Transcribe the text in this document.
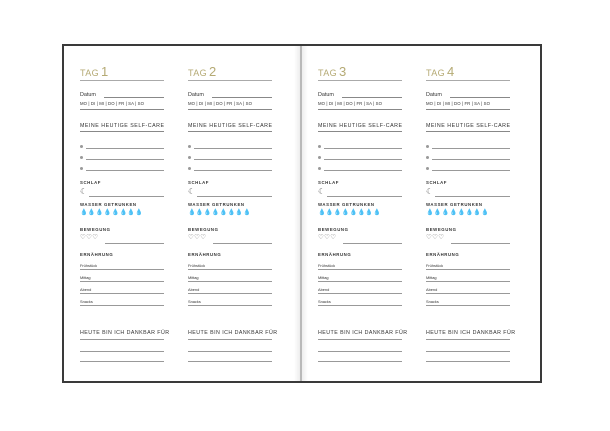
TAG 1
Datum
MO | DI | MI | DO | FR | SA | SO
MEINE HEUTIGE SELF-CARE
SCHLAF
☾
WASSER GETRUNKEN
💧💧💧💧💧💧💧💧
BEWEGUNG
♡♡♡
ERNÄHRUNG
Frühstück
Mittag
Abend
Snacks
HEUTE BIN ICH DANKBAR FÜR
TAG 2
Datum
MO | DI | MI | DO | FR | SA | SO
MEINE HEUTIGE SELF-CARE
SCHLAF
☾
WASSER GETRUNKEN
💧💧💧💧💧💧💧💧
BEWEGUNG
♡♡♡
ERNÄHRUNG
Frühstück
Mittag
Abend
Snacks
HEUTE BIN ICH DANKBAR FÜR
TAG 3
Datum
MO | DI | MI | DO | FR | SA | SO
MEINE HEUTIGE SELF-CARE
SCHLAF
☾
WASSER GETRUNKEN
💧💧💧💧💧💧💧💧
BEWEGUNG
♡♡♡
ERNÄHRUNG
Frühstück
Mittag
Abend
Snacks
HEUTE BIN ICH DANKBAR FÜR
TAG 4
Datum
MO | DI | MI | DO | FR | SA | SO
MEINE HEUTIGE SELF-CARE
SCHLAF
☾
WASSER GETRUNKEN
💧💧💧💧💧💧💧💧
BEWEGUNG
♡♡♡
ERNÄHRUNG
Frühstück
Mittag
Abend
Snacks
HEUTE BIN ICH DANKBAR FÜR
